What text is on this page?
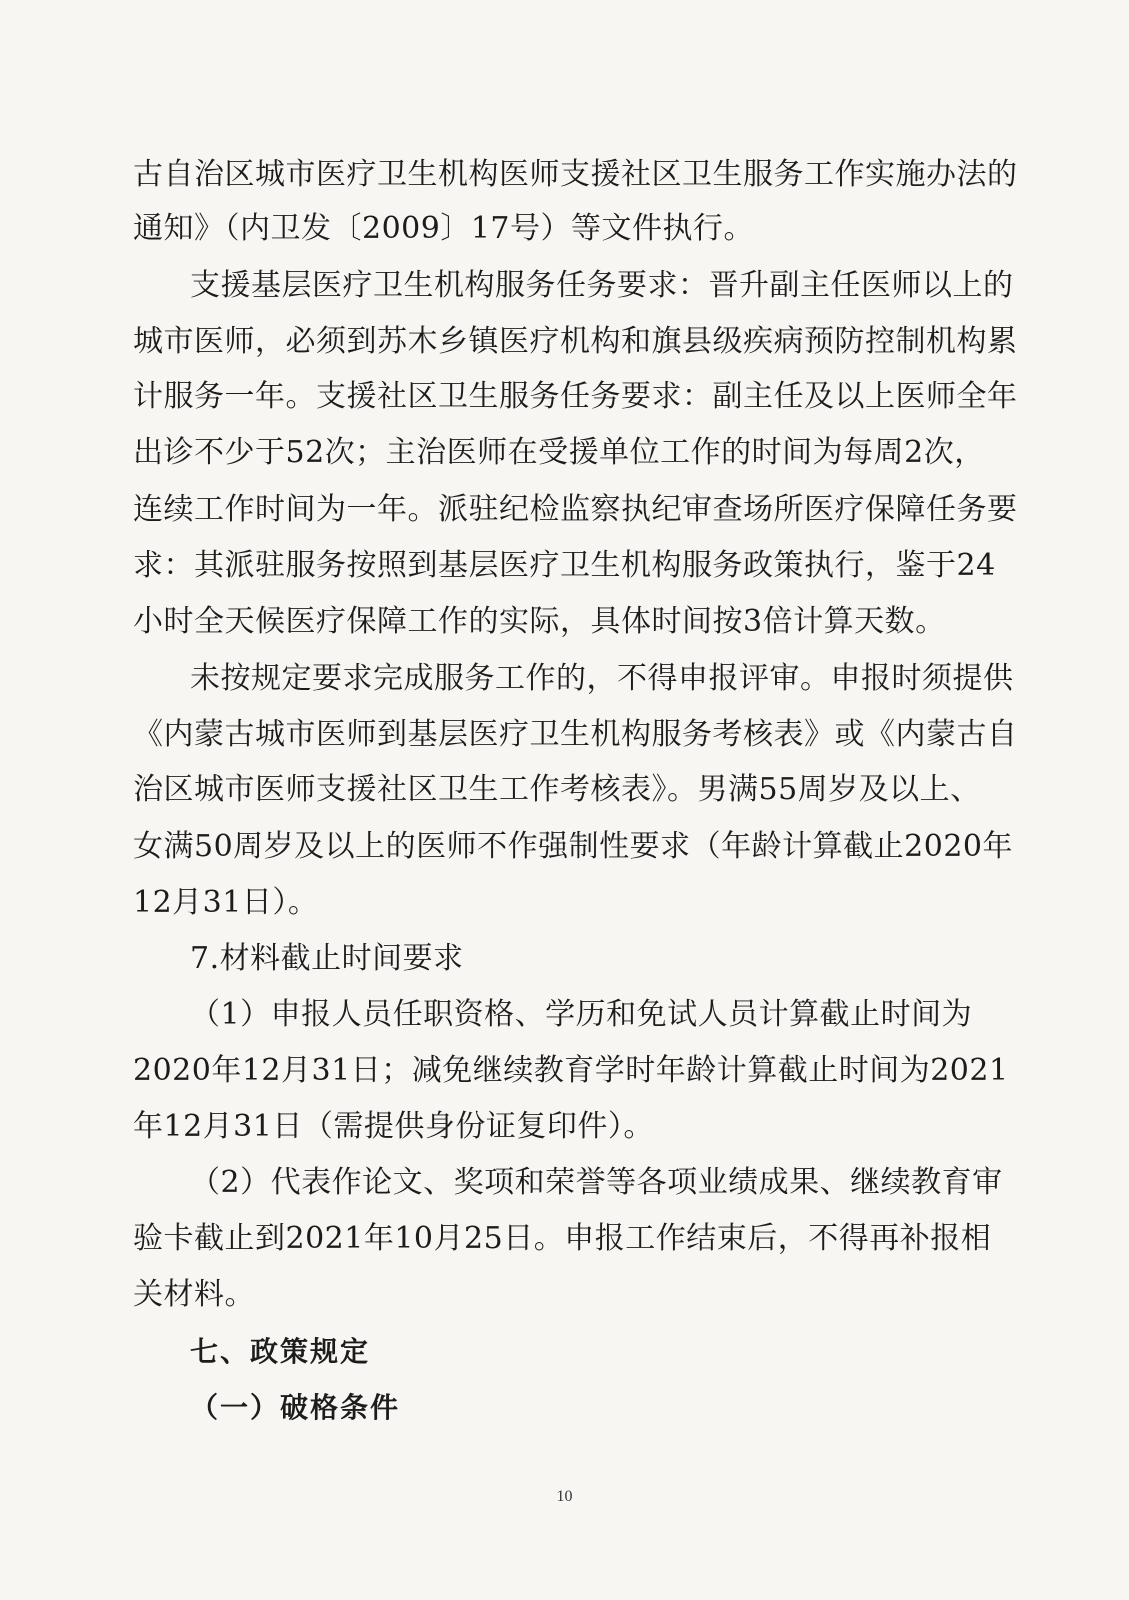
古自治区城市医疗卫生机构医师支援社区卫生服务工作实施办法的
通知》（内卫发〔2009〕17号）等文件执行。
支援基层医疗卫生机构服务任务要求：晋升副主任医师以上的
城市医师，必须到苏木乡镇医疗机构和旗县级疾病预防控制机构累
计服务一年。支援社区卫生服务任务要求：副主任及以上医师全年
出诊不少于52次；主治医师在受援单位工作的时间为每周2次，
连续工作时间为一年。派驻纪检监察执纪审查场所医疗保障任务要
求：其派驻服务按照到基层医疗卫生机构服务政策执行，鉴于24
小时全天候医疗保障工作的实际，具体时间按3倍计算天数。
未按规定要求完成服务工作的，不得申报评审。申报时须提供
《内蒙古城市医师到基层医疗卫生机构服务考核表》或《内蒙古自
治区城市医师支援社区卫生工作考核表》。男满55周岁及以上、
女满50周岁及以上的医师不作强制性要求（年龄计算截止2020年
12月31日）。
7.材料截止时间要求
（1）申报人员任职资格、学历和免试人员计算截止时间为
2020年12月31日；减免继续教育学时年龄计算截止时间为2021
年12月31日（需提供身份证复印件）。
（2）代表作论文、奖项和荣誉等各项业绩成果、继续教育审
验卡截止到2021年10月25日。申报工作结束后，不得再补报相
关材料。
七、政策规定
（一）破格条件
10
